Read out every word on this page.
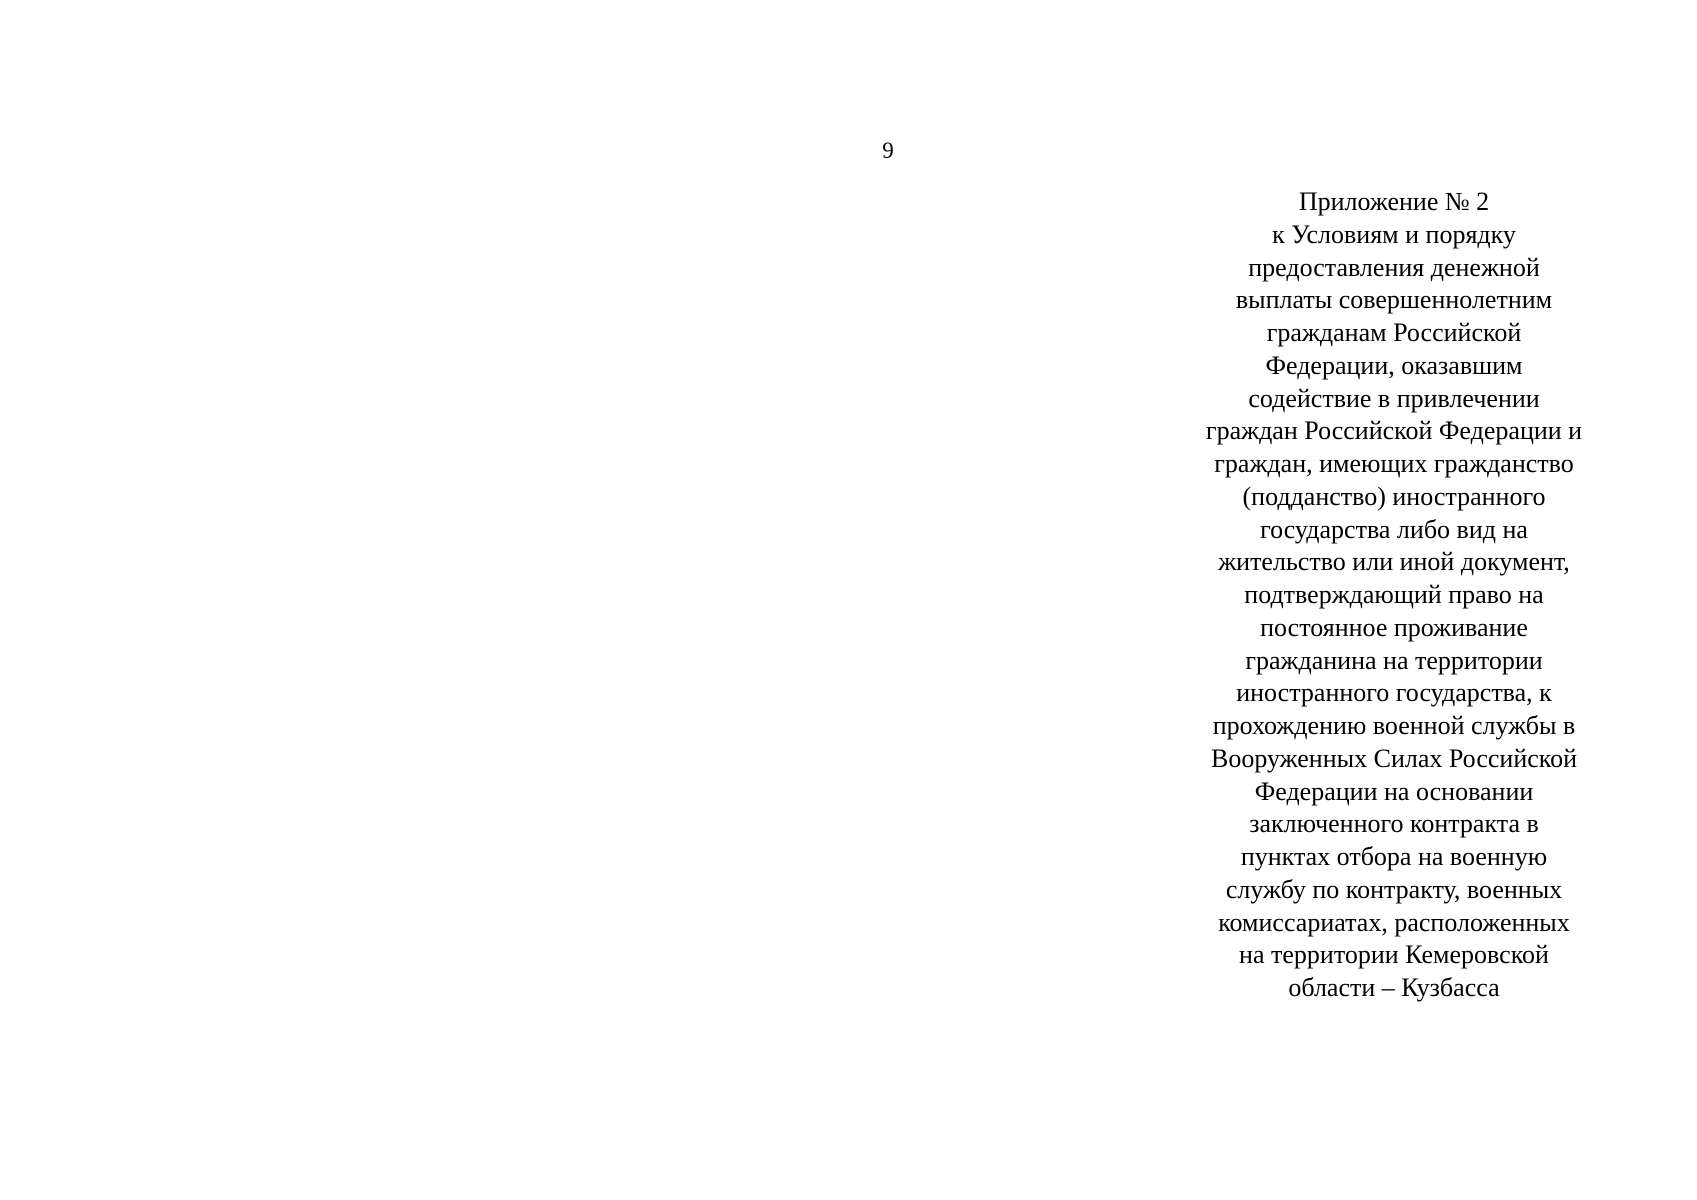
9
Приложение № 2
к Условиям и порядку
предоставления денежной
выплаты совершеннолетним
гражданам Российской
Федерации, оказавшим
содействие в привлечении
граждан Российской Федерации и
граждан, имеющих гражданство
(подданство) иностранного
государства либо вид на
жительство или иной документ,
подтверждающий право на
постоянное проживание
гражданина на территории
иностранного государства, к
прохождению военной службы в
Вооруженных Силах Российской
Федерации на основании
заключенного контракта в
пунктах отбора на военную
службу по контракту, военных
комиссариатах, расположенных
на территории Кемеровской
области – Кузбасса
